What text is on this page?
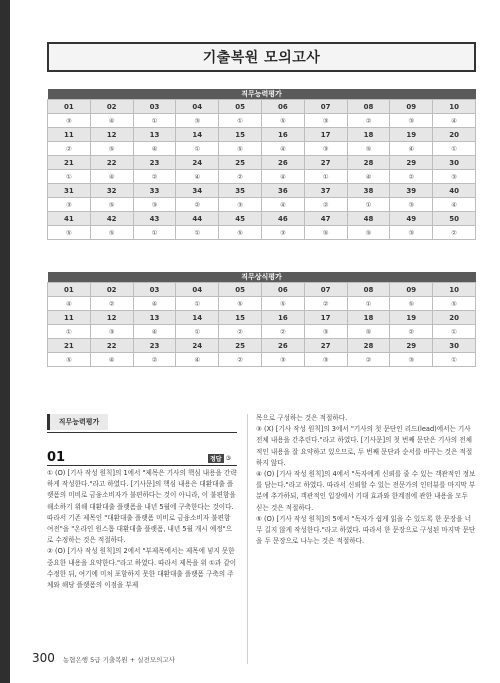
기출복원 모의고사
직무능력평가									
01	02	03	04	05	06	07	08	09	10
③	④	①	③	①	⑤	③	②	③	④
11	12	13	14	15	16	17	18	19	20
②	⑤	④	①	⑤	④	③	⑤	④	①
21	22	23	24	25	26	27	28	29	30
①	④	②	④	②	④	①	④	②	③
31	32	33	34	35	36	37	38	39	40
③	⑤	③	②	③	④	②	①	③	④
41	42	43	44	45	46	47	48	49	50
⑤	⑤	①	①	⑤	③	⑤	⑤	③	②
직무상식평가									
01	02	03	04	05	06	07	08	09	10
④	②	④	①	⑤	⑤	②	①	⑤	⑤
11	12	13	14	15	16	17	18	19	20
①	③	④	①	②	②	③	⑤	②	①
21	22	23	24	25	26	27	28	29	30
⑤	④	②	④	②	③	③	②	③	①
직무능력평가
01	정답 ③

① (O) [기사 작성 원칙]의 1에서 "제목은 기사의 핵심 내용을 간략하게 작성한다."라고 하였다. [기사문]의 핵심 내용은 대환대출 플랫폼의 미비로 금융소비자가 불편하다는 것이 아니라, 이 불편함을 해소하기 위해 대환대출 플랫폼을 내년 5월에 구축한다는 것이다. 따라서 기존 제목인 "대환대출 플랫폼 미비로 금융소비자 불편함 여전"을 "온라인 원스톱 대환대출 플랫폼, 내년 5월 개시 예정"으로 수정하는 것은 적절하다.

② (O) [기사 작성 원칙]의 2에서 "부제목에서는 제목에 넣지 못한 중요한 내용을 요약한다."라고 하였다. 따라서 제목을 위 ①과 같이 수정한 뒤, 여기에 미처 포함하지 못한 대환대출 플랫폼 구축의 주체와 해당 플랫폼의 이점을 부제

목으로 구성하는 것은 적절하다.

③ (X) [기사 작성 원칙]의 3에서 "기사의 첫 문단인 리드(lead)에서는 기사 전체 내용을 간추린다."라고 하였다. [기사문]의 첫 번째 문단은 기사의 전체적인 내용을 잘 요약하고 있으므로, 두 번째 문단과 순서를 바꾸는 것은 적절하지 않다.

④ (O) [기사 작성 원칙]의 4에서 "독자에게 신뢰를 줄 수 있는 객관적인 정보를 담는다."라고 하였다. 따라서 신뢰할 수 있는 전문가의 인터뷰를 마지막 부분에 추가하되, 객관적인 입장에서 기대 효과와 한계점에 관한 내용을 모두 싣는 것은 적절하다.

⑤ (O) [기사 작성 원칙]의 5에서 "독자가 쉽게 읽을 수 있도록 한 문장을 너무 길지 않게 작성한다."라고 하였다. 따라서 한 문장으로 구성된 마지막 문단을 두 문장으로 나누는 것은 적절하다.

300 농협은행 5급 기출복원 + 실전모의고사
